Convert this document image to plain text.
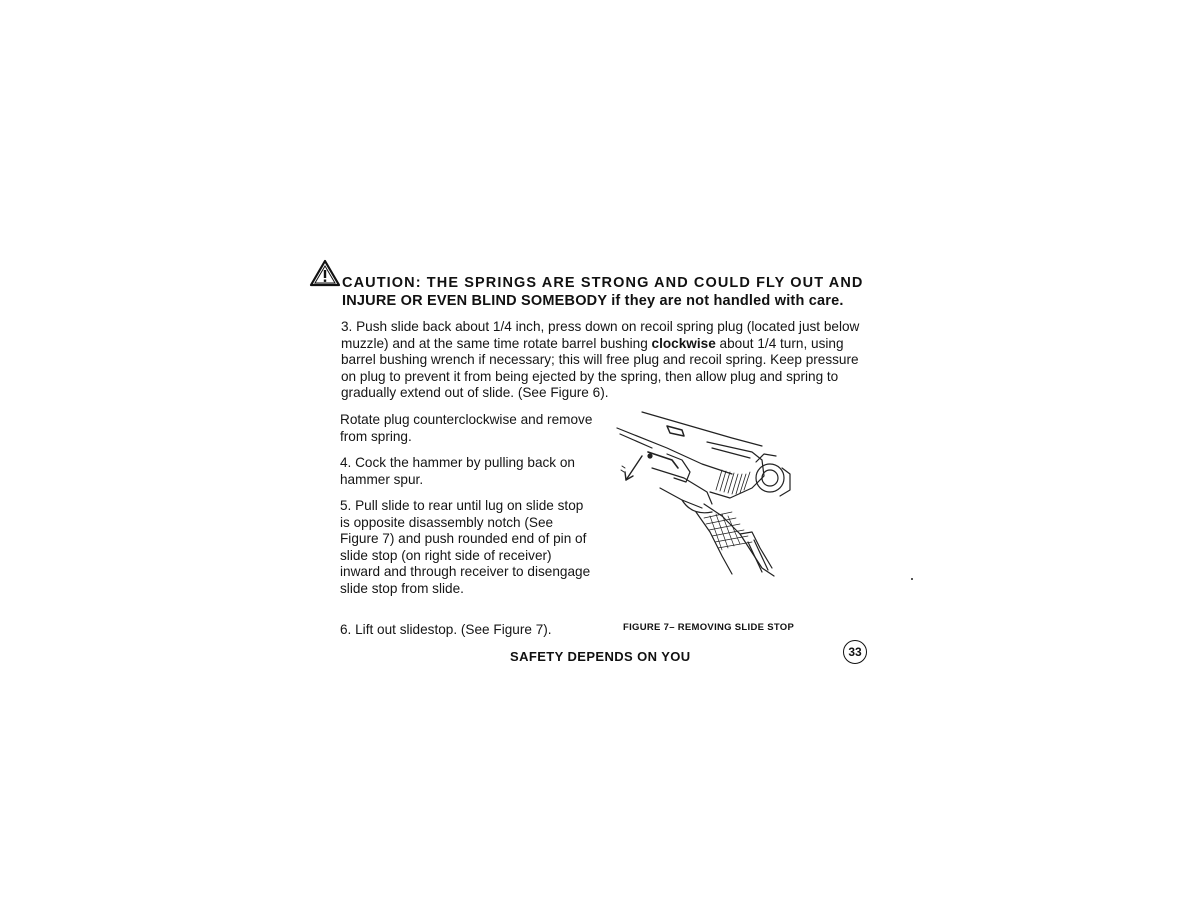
CAUTION: THE SPRINGS ARE STRONG AND COULD FLY OUT AND
INJURE OR EVEN BLIND SOMEBODY if they are not handled with care.
3. Push slide back about 1/4 inch, press down on recoil spring plug (located just below muzzle) and at the same time rotate barrel bushing clockwise about 1/4 turn, using barrel bushing wrench if necessary; this will free plug and recoil spring. Keep pressure on plug to prevent it from being ejected by the spring, then allow plug and spring to gradually extend out of slide. (See Figure 6).
Rotate plug counterclockwise and remove from spring.
4. Cock the hammer by pulling back on hammer spur.
5. Pull slide to rear until lug on slide stop is opposite disassembly notch (See Figure 7) and push rounded end of pin of slide stop (on right side of receiver) inward and through receiver to disengage slide stop from slide.
6. Lift out slidestop. (See Figure 7).	FIGURE 7– REMOVING SLIDE STOP
SAFETY DEPENDS ON YOU	33
